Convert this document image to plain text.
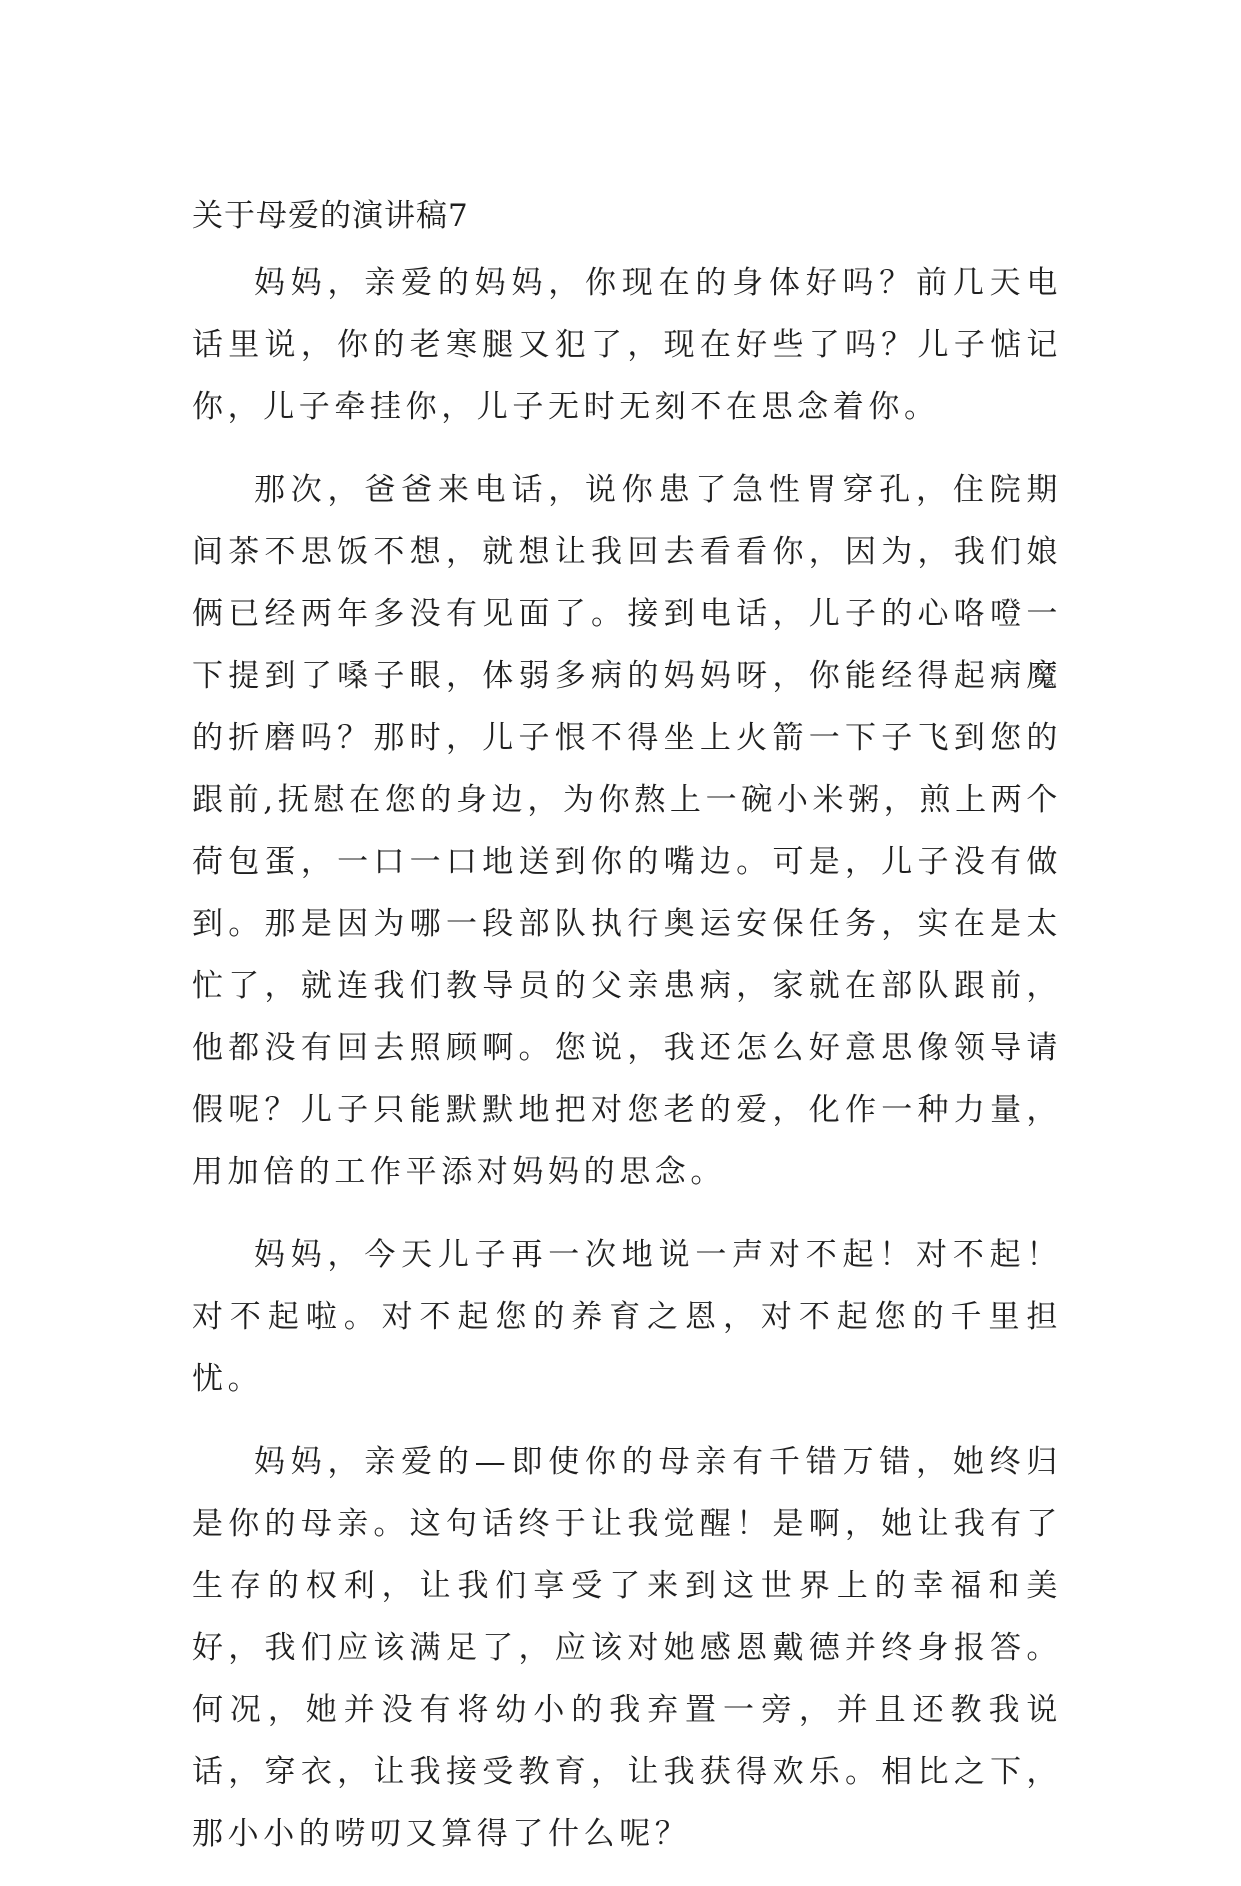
关于母爱的演讲稿7

妈妈，亲爱的妈妈，你现在的身体好吗？前几天电话里说，你的老寒腿又犯了，现在好些了吗？儿子惦记你，儿子牵挂你，儿子无时无刻不在思念着你。

那次，爸爸来电话，说你患了急性胃穿孔，住院期间茶不思饭不想，就想让我回去看看你，因为，我们娘俩已经两年多没有见面了。接到电话，儿子的心咯噔一下提到了嗓子眼，体弱多病的妈妈呀，你能经得起病魔的折磨吗？那时，儿子恨不得坐上火箭一下子飞到您的跟前,抚慰在您的身边，为你熬上一碗小米粥，煎上两个荷包蛋，一口一口地送到你的嘴边。可是，儿子没有做到。那是因为哪一段部队执行奥运安保任务，实在是太忙了，就连我们教导员的父亲患病，家就在部队跟前，他都没有回去照顾啊。您说，我还怎么好意思像领导请假呢？儿子只能默默地把对您老的爱，化作一种力量，用加倍的工作平添对妈妈的思念。

妈妈，今天儿子再一次地说一声对不起！对不起！对不起啦。对不起您的养育之恩，对不起您的千里担忧。

妈妈，亲爱的—即使你的母亲有千错万错，她终归是你的母亲。这句话终于让我觉醒！是啊，她让我有了生存的权利，让我们享受了来到这世界上的幸福和美好，我们应该满足了，应该对她感恩戴德并终身报答。何况，她并没有将幼小的我弃置一旁，并且还教我说话，穿衣，让我接受教育，让我获得欢乐。相比之下，那小小的唠叨又算得了什么呢？
